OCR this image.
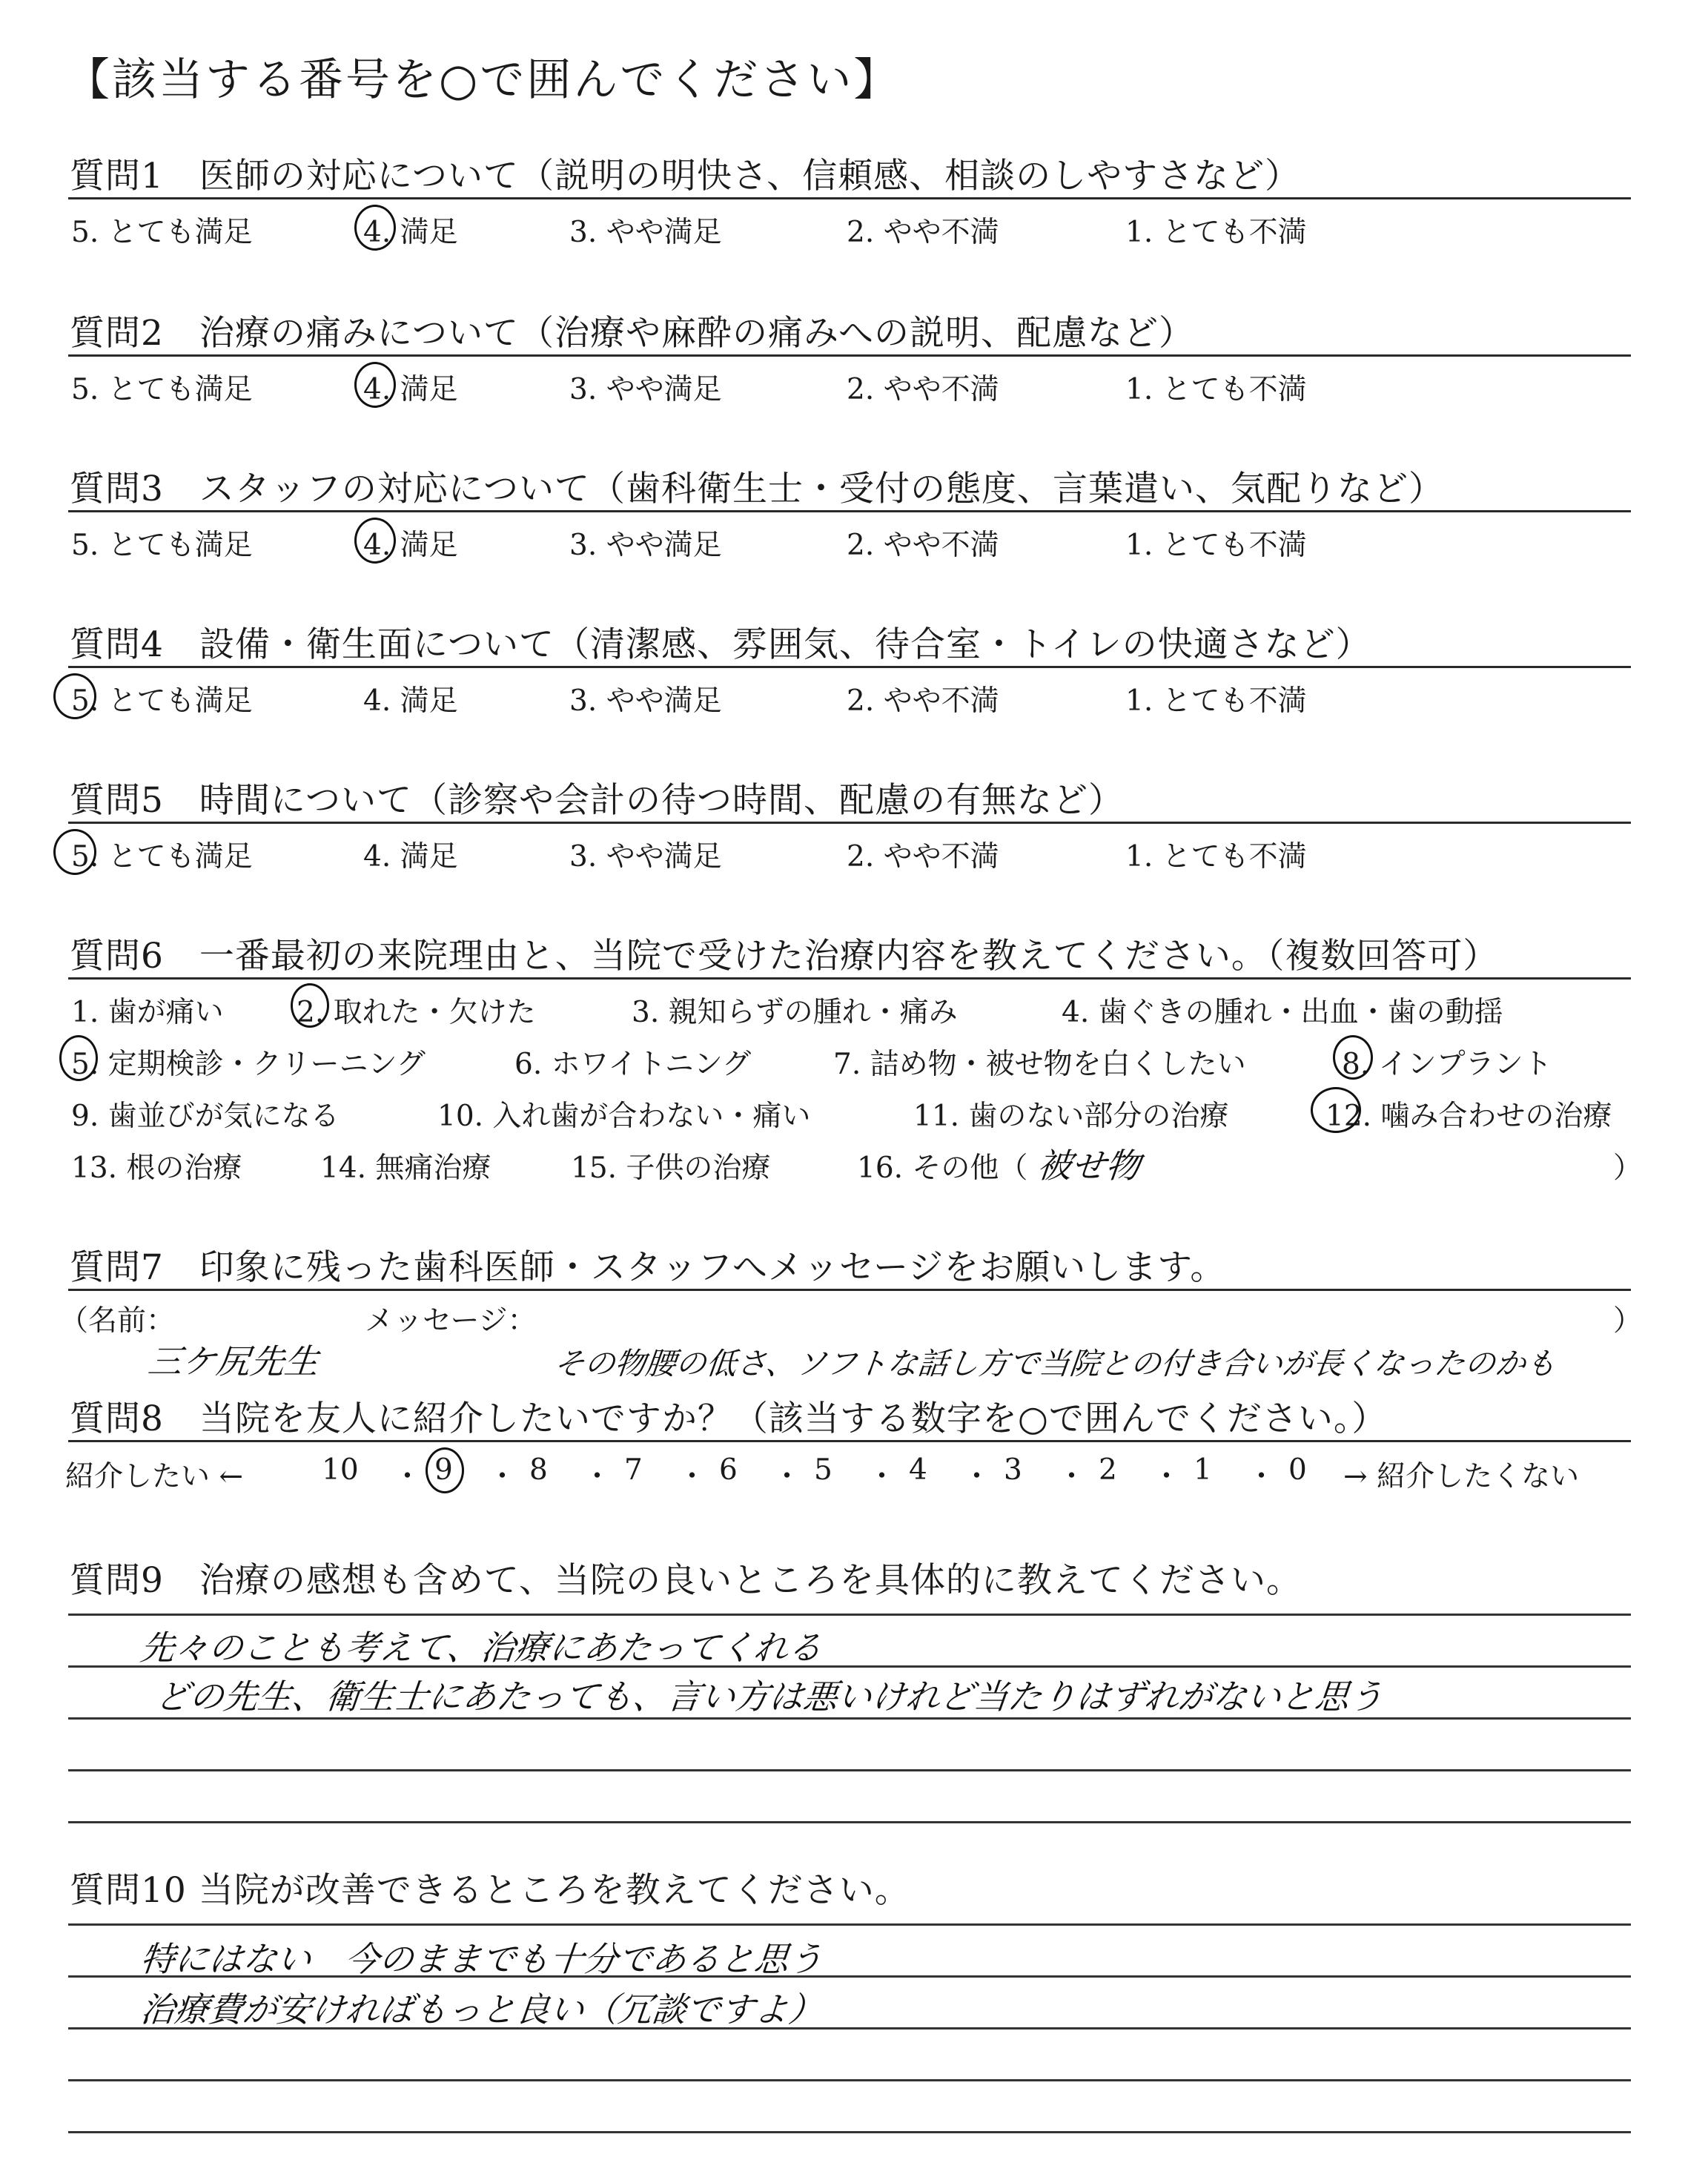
【該当する番号を○で囲んでください】
質問1　医師の対応について（説明の明快さ、信頼感、相談のしやすさなど）
5. とても満足	4. 満足	3. やや満足	2. やや不満	1. とても不満
質問2　治療の痛みについて（治療や麻酔の痛みへの説明、配慮など）
5. とても満足	4. 満足	3. やや満足	2. やや不満	1. とても不満
質問3　スタッフの対応について（歯科衛生士・受付の態度、言葉遣い、気配りなど）
5. とても満足	4. 満足	3. やや満足	2. やや不満	1. とても不満
質問4　設備・衛生面について（清潔感、雰囲気、待合室・トイレの快適さなど）
5. とても満足	4. 満足	3. やや満足	2. やや不満	1. とても不満
質問5　時間について（診察や会計の待つ時間、配慮の有無など）
5. とても満足	4. 満足	3. やや満足	2. やや不満	1. とても不満
質問6　一番最初の来院理由と、当院で受けた治療内容を教えてください。（複数回答可）
1. 歯が痛い	2. 取れた・欠けた	3. 親知らずの腫れ・痛み	4. 歯ぐきの腫れ・出血・歯の動揺
5. 定期検診・クリーニング	6. ホワイトニング	7. 詰め物・被せ物を白くしたい	8. インプラント
9. 歯並びが気になる	10. 入れ歯が合わない・痛い	11. 歯のない部分の治療	12. 噛み合わせの治療
13. 根の治療	14. 無痛治療	15. 子供の治療	16. その他（ 被せ物	）
質問7　印象に残った歯科医師・スタッフへメッセージをお願いします。
（名前：	メッセージ：	）
三ケ尻先生	その物腰の低さ、ソフトな話し方で当院との付き合いが長くなったのかも
質問8　当院を友人に紹介したいですか？（該当する数字を○で囲んでください。）
紹介したい ←	→ 紹介したくない
10	9	8	7	6	5	4	3	2	1	0
・ ・ ・ ・ ・ ・ ・ ・ ・ ・
質問9　治療の感想も含めて、当院の良いところを具体的に教えてください。
先々のことも考えて、治療にあたってくれる
どの先生、衛生士にあたっても、言い方は悪いけれど当たりはずれがないと思う
質問10 当院が改善できるところを教えてください。
特にはない　今のままでも十分であると思う
治療費が安ければもっと良い（冗談ですよ）
